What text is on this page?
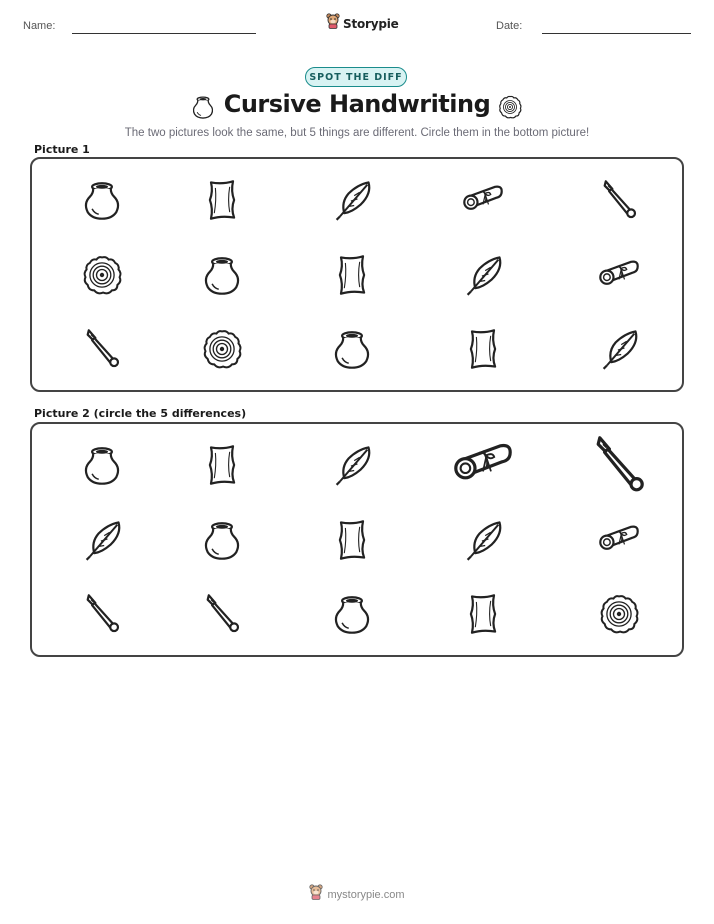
Name:	Storypie	Date:
SPOT THE DIFF
Cursive Handwriting
The two pictures look the same, but 5 things are different. Circle them in the bottom picture!
Picture 1
Picture 2 (circle the 5 differences)
mystorypie.com
